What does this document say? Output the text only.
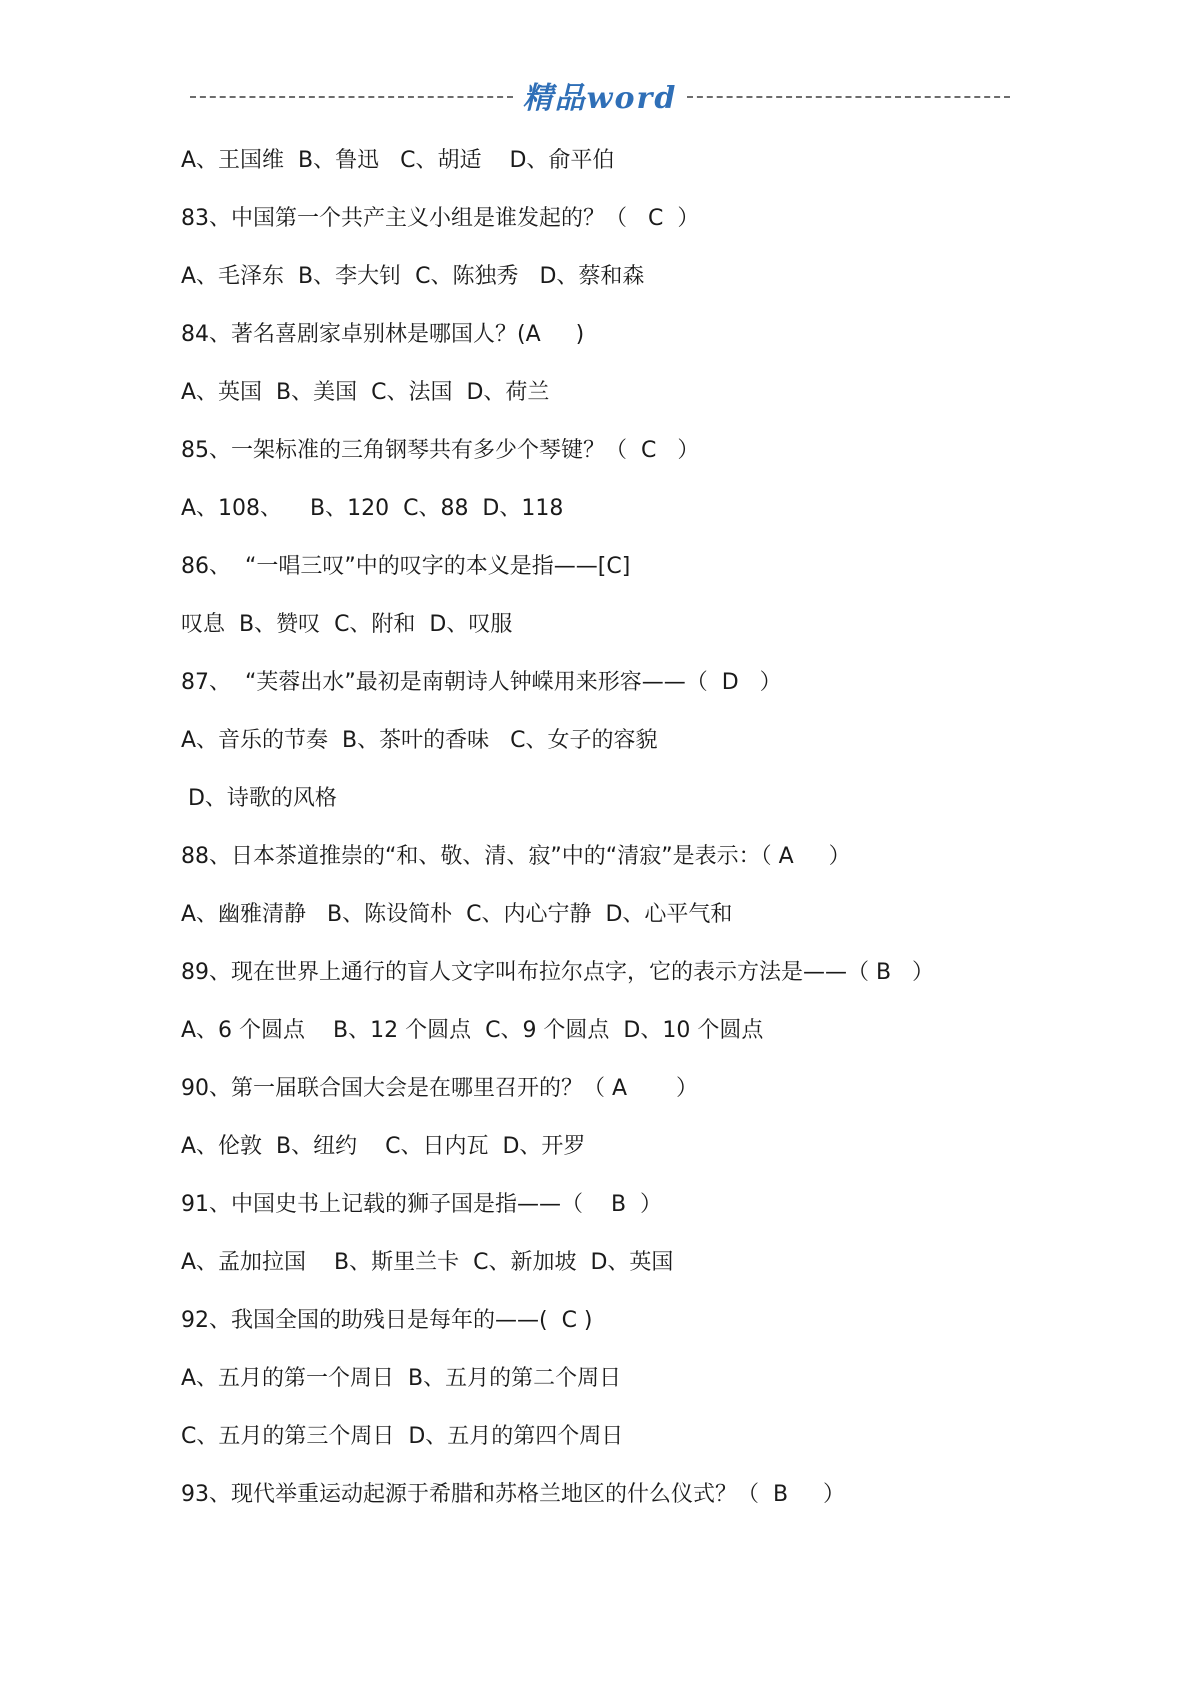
精品word
A、王国维  B、鲁迅   C、胡适    D、俞平伯
83、中国第一个共产主义小组是谁发起的？（   C  ）
A、毛泽东  B、李大钊  C、陈独秀   D、蔡和森
84、著名喜剧家卓别林是哪国人？(A     )
A、英国  B、美国  C、法国  D、荷兰
85、一架标准的三角钢琴共有多少个琴键？（  C   ）
A、108、    B、120  C、88  D、118
86、  “一唱三叹”中的叹字的本义是指——[C]
叹息  B、赞叹  C、附和  D、叹服
87、  “芙蓉出水”最初是南朝诗人钟嵘用来形容——（  D   ）
A、音乐的节奏  B、茶叶的香味   C、女子的容貌
D、诗歌的风格
88、日本茶道推崇的“和、敬、清、寂”中的“清寂”是表示：（ A     ）
A、幽雅清静   B、陈设简朴  C、内心宁静  D、心平气和
89、现在世界上通行的盲人文字叫布拉尔点字，它的表示方法是——（ B   ）
A、6 个圆点    B、12 个圆点  C、9 个圆点  D、10 个圆点
90、第一届联合国大会是在哪里召开的？（ A       ）
A、伦敦  B、纽约    C、日内瓦  D、开罗
91、中国史书上记载的狮子国是指——（    B  ）
A、孟加拉国    B、斯里兰卡  C、新加坡  D、英国
92、我国全国的助残日是每年的——(  C )
A、五月的第一个周日  B、五月的第二个周日
C、五月的第三个周日  D、五月的第四个周日
93、现代举重运动起源于希腊和苏格兰地区的什么仪式？（  B     ）
